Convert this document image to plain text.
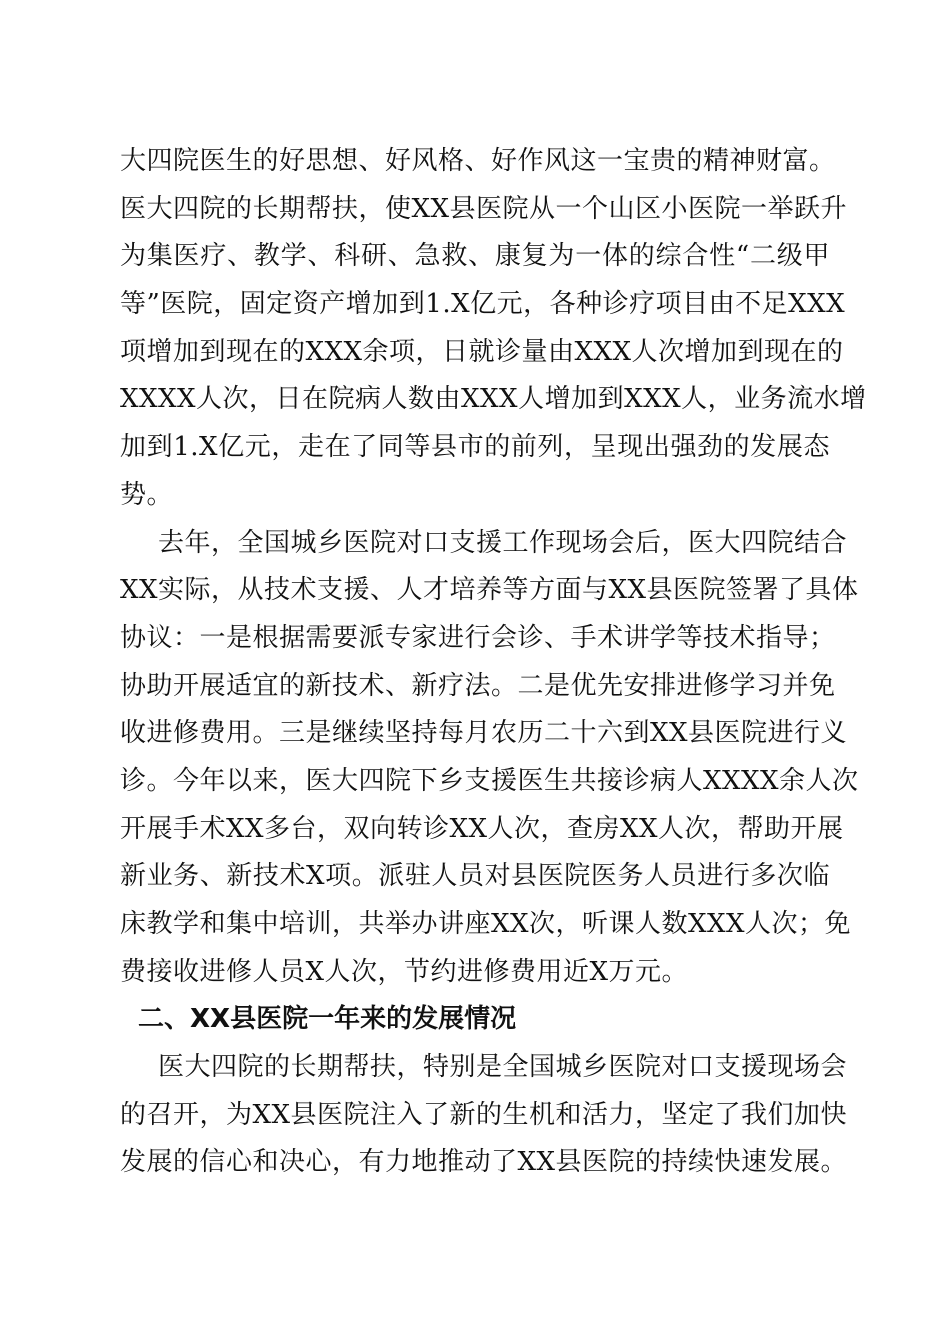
大四院医生的好思想、好风格、好作风这一宝贵的精神财富。
医大四院的长期帮扶，使XX县医院从一个山区小医院一举跃升
为集医疗、教学、科研、急救、康复为一体的综合性“二级甲
等”医院，固定资产增加到1.X亿元，各种诊疗项目由不足XXX
项增加到现在的XXX余项，日就诊量由XXX人次增加到现在的
XXXX人次，日在院病人数由XXX人增加到XXX人，业务流水增
加到1.X亿元，走在了同等县市的前列，呈现出强劲的发展态
势。
去年，全国城乡医院对口支援工作现场会后，医大四院结合
XX实际，从技术支援、人才培养等方面与XX县医院签署了具体
协议：一是根据需要派专家进行会诊、手术讲学等技术指导；
协助开展适宜的新技术、新疗法。二是优先安排进修学习并免
收进修费用。三是继续坚持每月农历二十六到XX县医院进行义
诊。今年以来，医大四院下乡支援医生共接诊病人XXXX余人次
开展手术XX多台，双向转诊XX人次，查房XX人次，帮助开展
新业务、新技术X项。派驻人员对县医院医务人员进行多次临
床教学和集中培训，共举办讲座XX次，听课人数XXX人次；免
费接收进修人员X人次，节约进修费用近X万元。
二、XX县医院一年来的发展情况
医大四院的长期帮扶，特别是全国城乡医院对口支援现场会
的召开，为XX县医院注入了新的生机和活力，坚定了我们加快
发展的信心和决心，有力地推动了XX县医院的持续快速发展。
